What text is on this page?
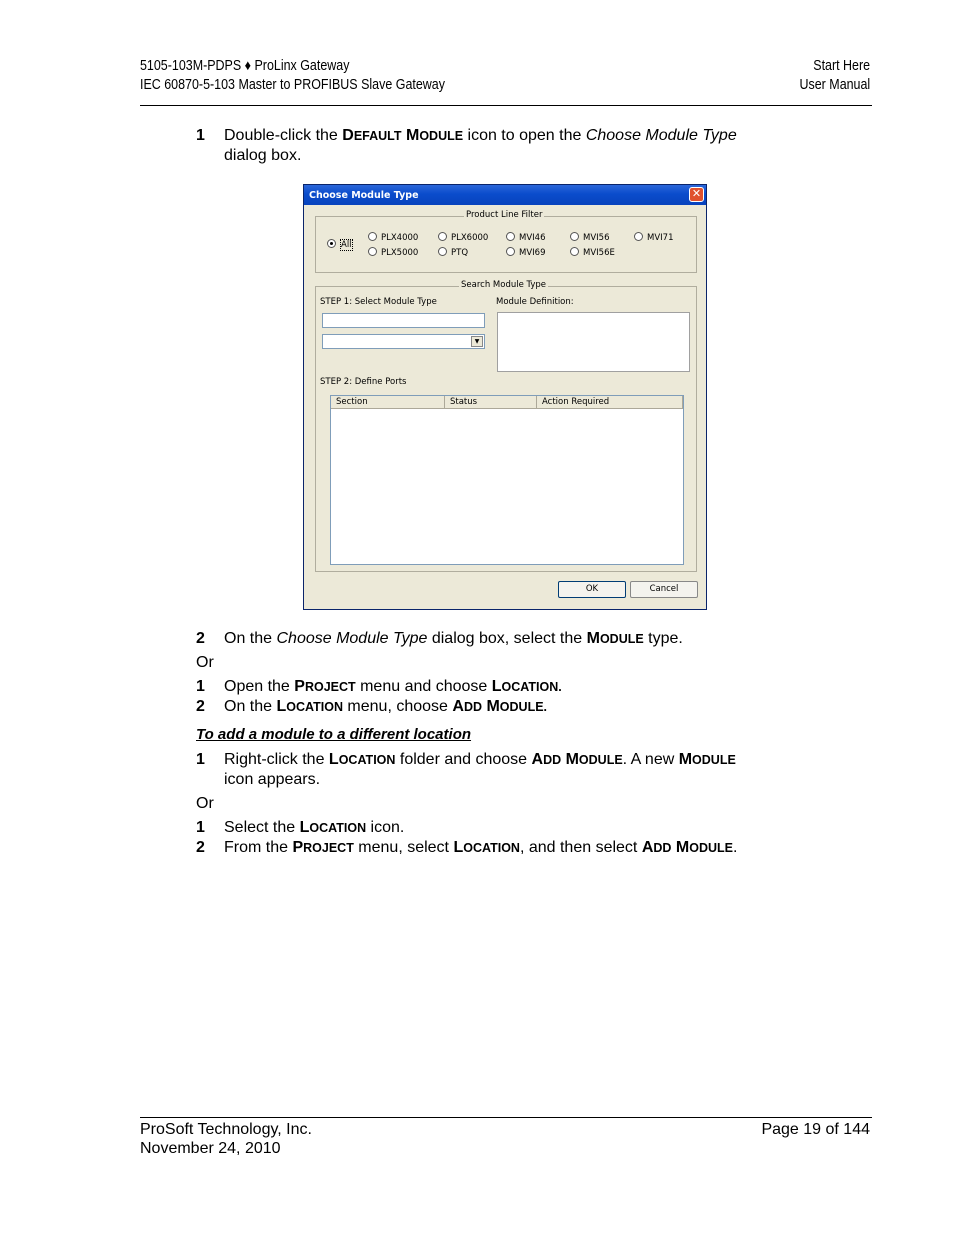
5105-103M-PDPS ♦ ProLinx Gateway
IEC 60870-5-103 Master to PROFIBUS Slave Gateway
Start Here
User Manual
1 Double-click the DEFAULT MODULE icon to open the Choose Module Type
dialog box.
Choose Module Type	✕
Product Line Filter
All
PLX4000
PLX5000
PLX6000
PTQ
MVI46
MVI69
MVI56
MVI56E
MVI71
Search Module Type
STEP 1: Select Module Type	Module Definition:
▼
STEP 2: Define Ports
Section	Status	Action Required
OK	Cancel
2 On the Choose Module Type dialog box, select the MODULE type.
Or
1 Open the PROJECT menu and choose LOCATION.
2 On the LOCATION menu, choose ADD MODULE.
To add a module to a different location
1 Right-click the LOCATION folder and choose ADD MODULE. A new MODULE
icon appears.
Or
1 Select the LOCATION icon.
2 From the PROJECT menu, select LOCATION, and then select ADD MODULE.
ProSoft Technology, Inc.
November 24, 2010
Page 19 of 144
